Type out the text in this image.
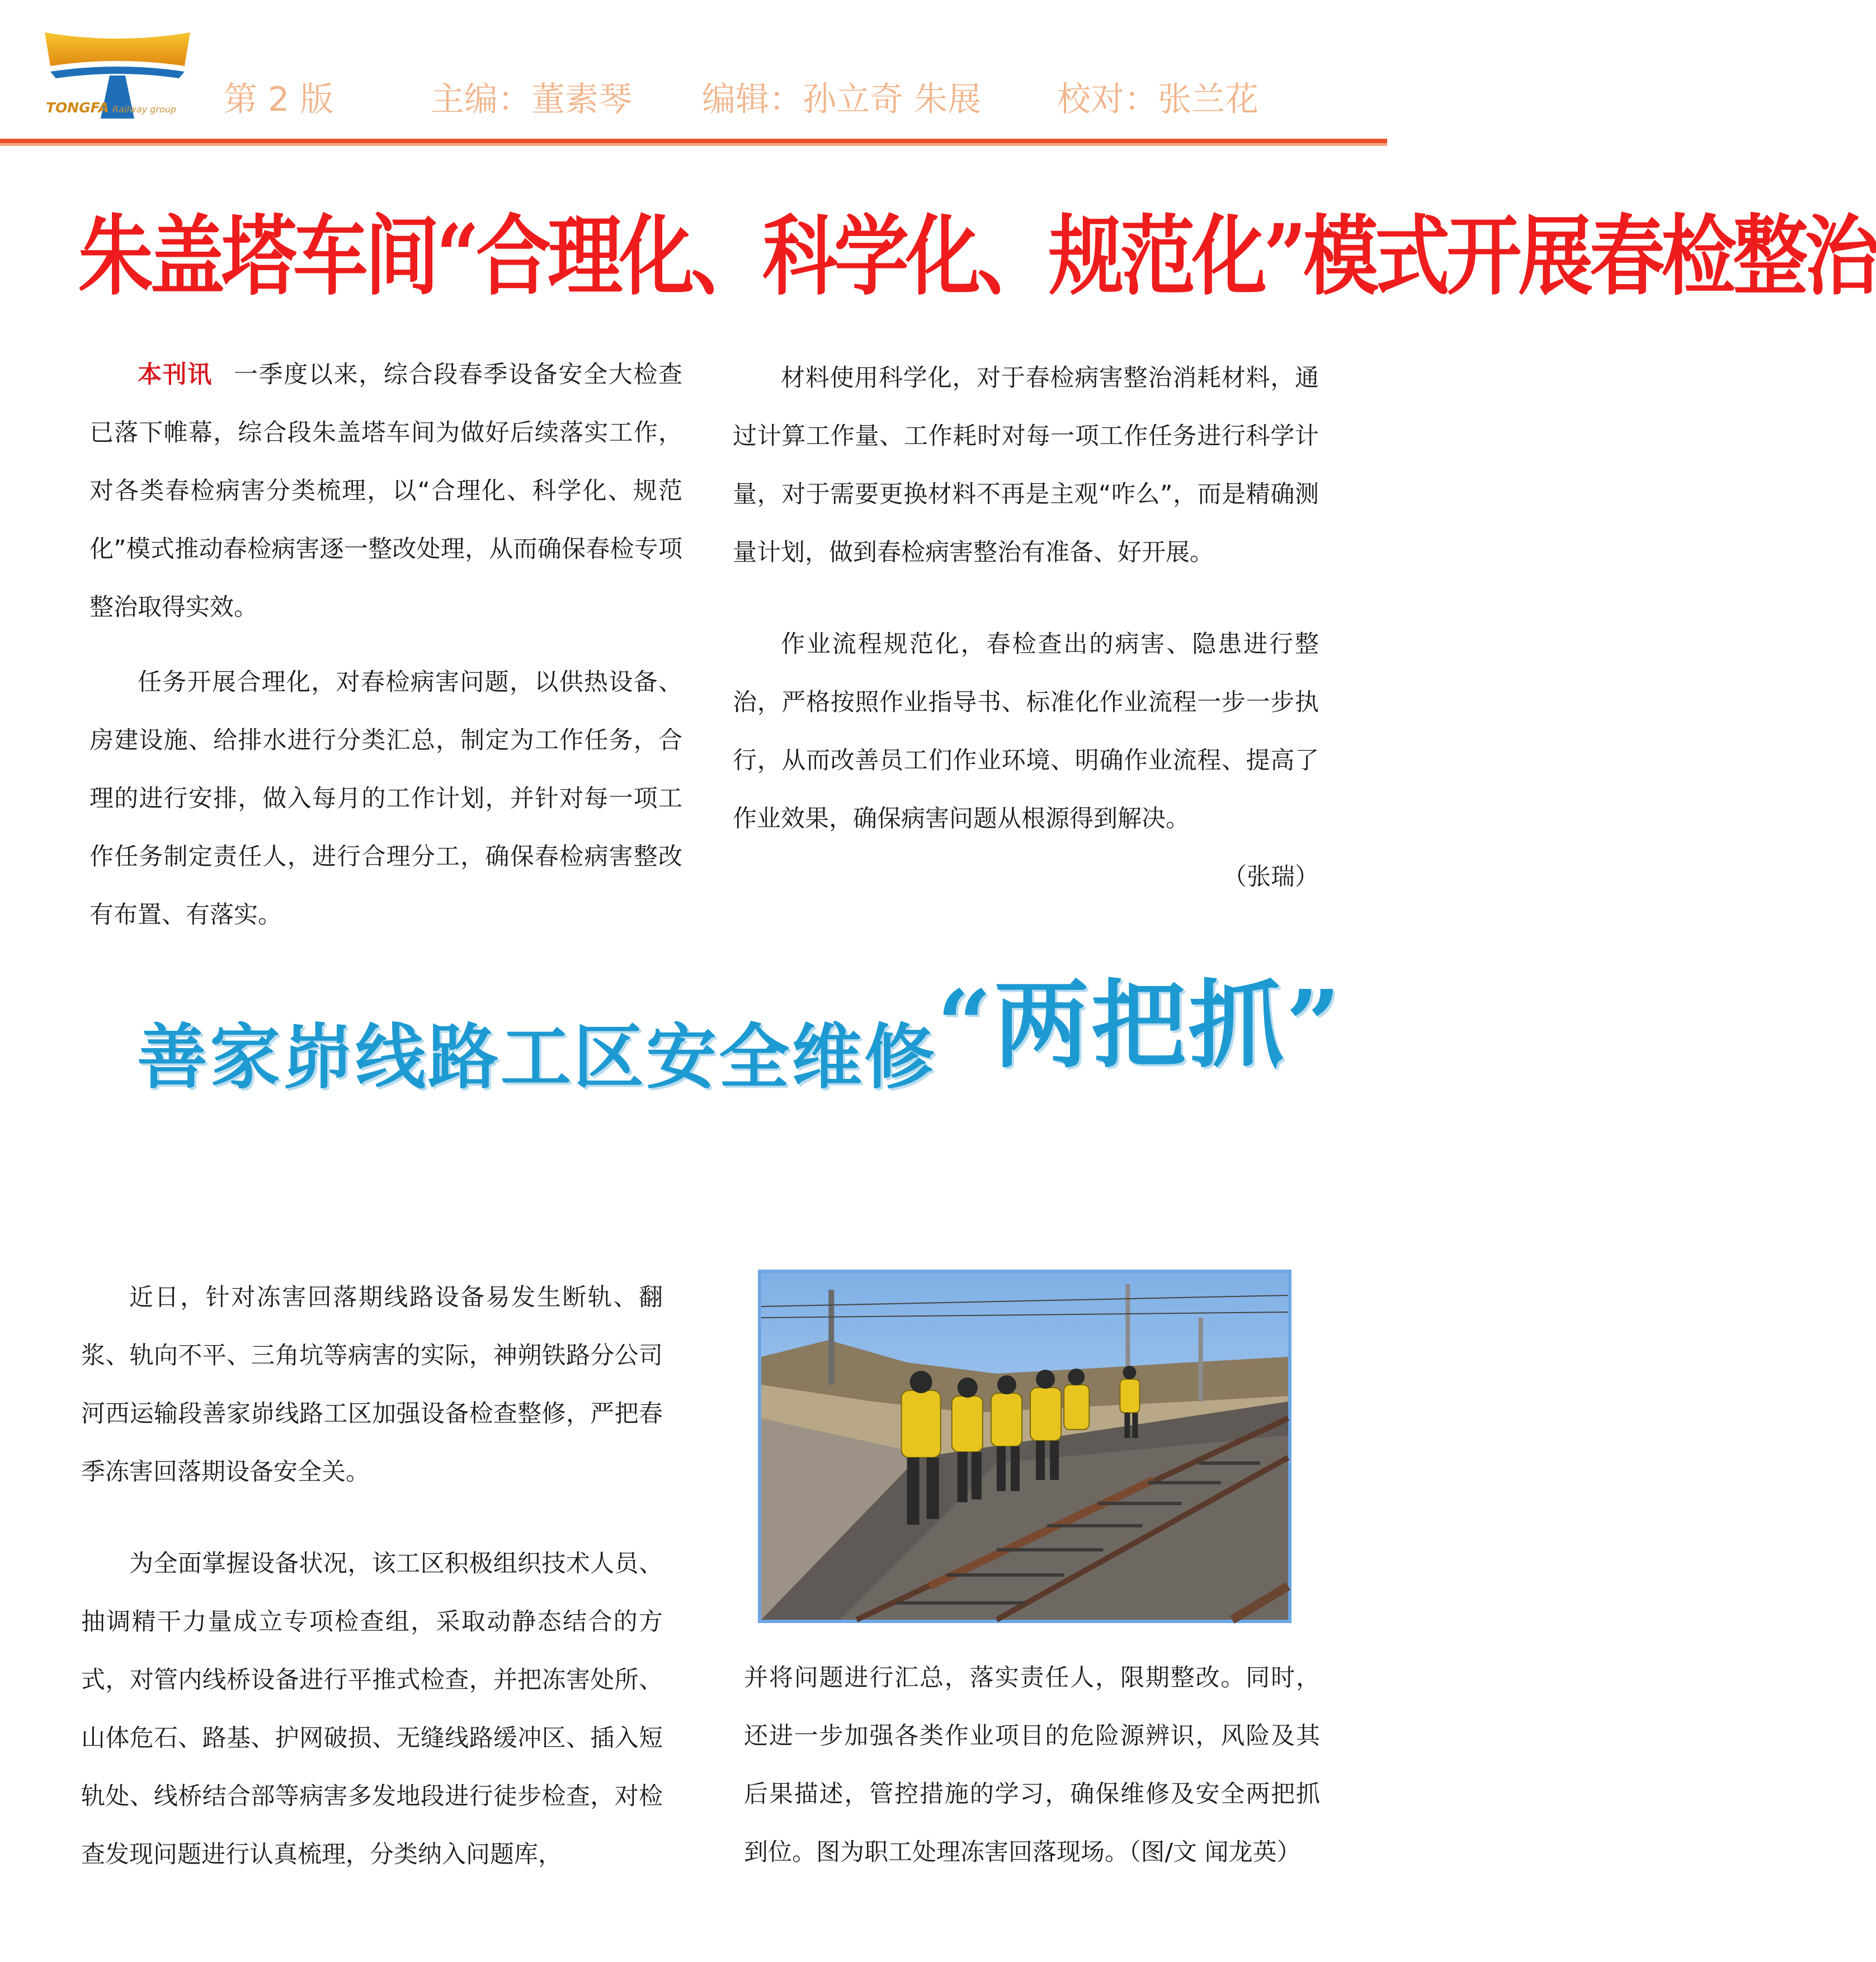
TONGFA Railway group 第 2 版	主编：董素琴 编辑：孙立奇 朱展 校对：张兰花
朱盖塔车间“合理化、科学化、规范化”模式开展春检整治

本刊讯 一季度以来，综合段春季设备安全大检查已落下帷幕，综合段朱盖塔车间为做好后续落实工作，对各类春检病害分类梳理，以“合理化、科学化、规范化”模式推动春检病害逐一整改处理，从而确保春检专项整治取得实效。

任务开展合理化，对春检病害问题，以供热设备、房建设施、给排水进行分类汇总，制定为工作任务，合理的进行安排，做入每月的工作计划，并针对每一项工作任务制定责任人，进行合理分工，确保春检病害整改有布置、有落实。

材料使用科学化，对于春检病害整治消耗材料，通过计算工作量、工作耗时对每一项工作任务进行科学计量，对于需要更换材料不再是主观“咋么”，而是精确测量计划，做到春检病害整治有准备、好开展。

作业流程规范化，春检查出的病害、隐患进行整治，严格按照作业指导书、标准化作业流程一步一步执行，从而改善员工们作业环境、明确作业流程、提高了作业效果，确保病害问题从根源得到解决。

（张瑞）
善家峁线路工区安全维修“两把抓”

近日，针对冻害回落期线路设备易发生断轨、翻浆、轨向不平、三角坑等病害的实际，神朔铁路分公司河西运输段善家峁线路工区加强设备检查整修，严把春季冻害回落期设备安全关。

为全面掌握设备状况，该工区积极组织技术人员、抽调精干力量成立专项检查组，采取动静态结合的方式，对管内线桥设备进行平推式检查，并把冻害处所、山体危石、路基、护网破损、无缝线路缓冲区、插入短轨处、线桥结合部等病害多发地段进行徒步检查，对检查发现问题进行认真梳理，分类纳入问题库，

并将问题进行汇总，落实责任人，限期整改。同时，还进一步加强各类作业项目的危险源辨识，风险及其后果描述，管控措施的学习，确保维修及安全两把抓到位。图为职工处理冻害回落现场。（图/文 闻龙英）
